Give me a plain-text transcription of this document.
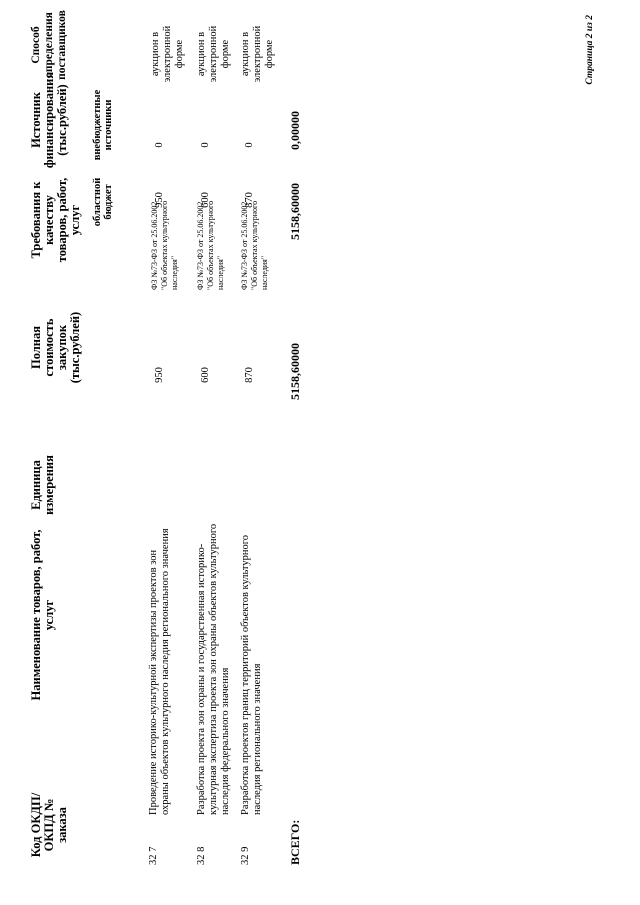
Код ОКДП/ ОКПД № заказа
Наименование товаров, работ, услуг
Единица измерения
Полная стоимость закупок (тыс.рублей)
Требования к качеству товаров, работ, услуг
Источник финансирования (тыс.рублей)
Способ определения поставщиков
областной бюджет
внебюджетные источники
32 7
Проведение историко-культурной экспертизы проектов зон охраны объектов культурного наследия регионального значения
950
ФЗ №73-ФЗ от 25.06.2002 "Об объектах культурного наследия"
950
0
аукцион в электронной форме
32 8
Разработка проекта зон охраны и государственная историко-культурная экспертиза проекта зон охраны объектов культурного наследия федерального значения
600
ФЗ №73-ФЗ от 25.06.2002 "Об объектах культурного наследия"
600
0
аукцион в электронной форме
32 9
Разработка проектов границ территорий объектов культурного наследия регионального значения
870
ФЗ №73-ФЗ от 25.06.2002 "Об объектах культурного наследия"
870
0
аукцион в электронной форме
ВСЕГО:
5158,60000
5158,60000
0,00000
Страница 2 из 2
